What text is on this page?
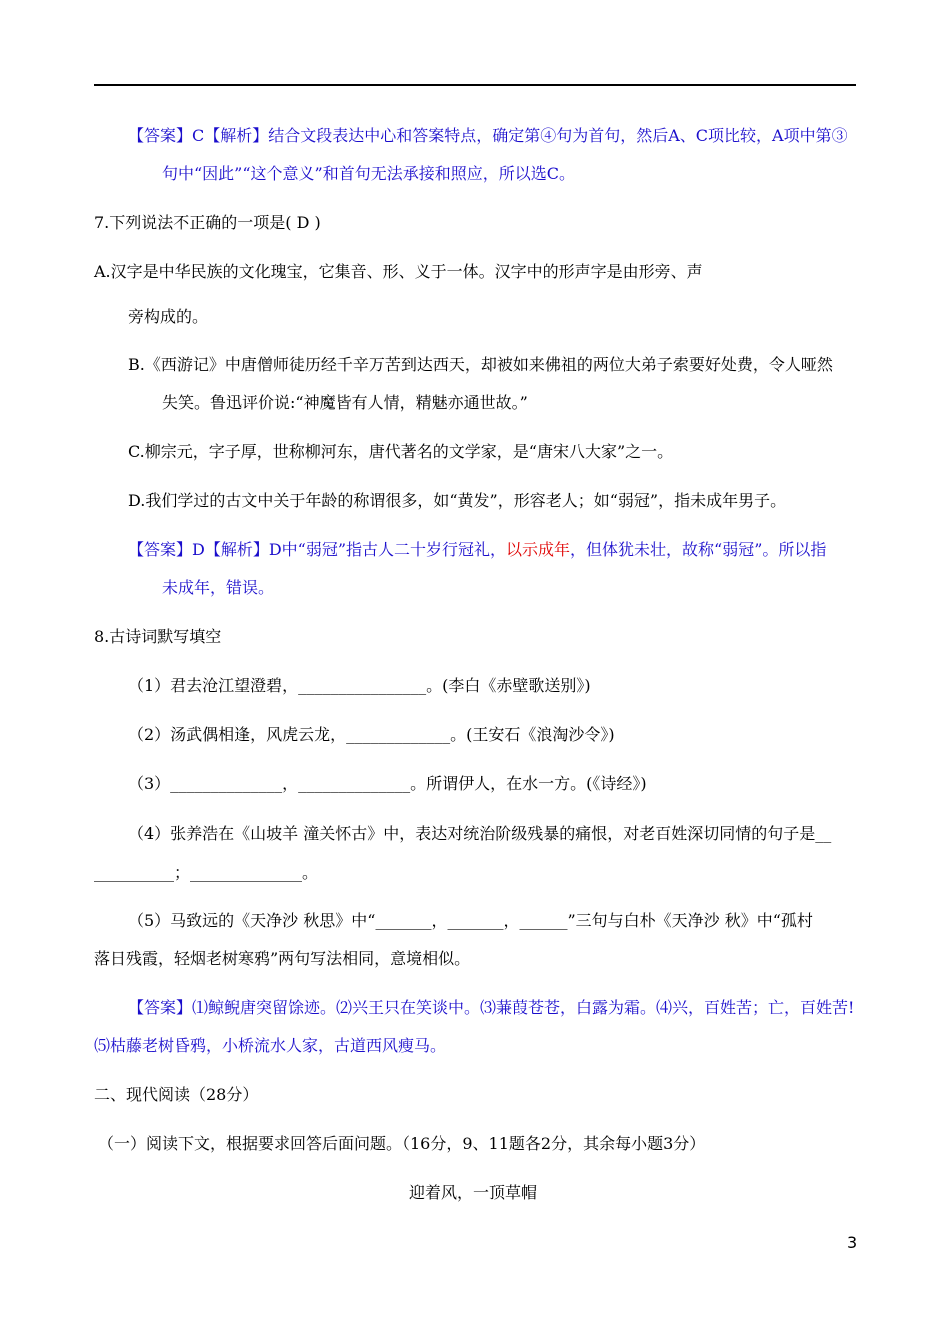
【答案】C【解析】结合文段表达中心和答案特点，确定第④句为首句，然后A、C项比较，A项中第③
句中“因此”“这个意义”和首句无法承接和照应，所以选C。
7.下列说法不正确的一项是( D )
A.汉字是中华民族的文化瑰宝，它集音、形、义于一体。汉字中的形声字是由形旁、声
旁构成的。
B.《西游记》中唐僧师徒历经千辛万苦到达西天，却被如来佛祖的两位大弟子索要好处费，令人哑然
失笑。鲁迅评价说:“神魔皆有人情，精魅亦通世故。”
C.柳宗元，字子厚，世称柳河东，唐代著名的文学家，是“唐宋八大家”之一。
D.我们学过的古文中关于年龄的称谓很多，如“黄发”，形容老人；如“弱冠”，指未成年男子。
【答案】D【解析】D中“弱冠”指古人二十岁行冠礼，以示成年，但体犹未壮，故称“弱冠”。所以指
未成年，错误。
8.古诗词默写填空
（1）君去沧江望澄碧，________________。(李白《赤壁歌送别》)
（2）汤武偶相逢，风虎云龙，_____________。(王安石《浪淘沙令》)
（3）______________，______________。所谓伊人，在水一方。(《诗经》)
（4）张养浩在《山坡羊 潼关怀古》中，表达对统治阶级残暴的痛恨，对老百姓深切同情的句子是__
__________；______________。
（5）马致远的《天净沙 秋思》中“_______，_______，______”三句与白朴《天净沙 秋》中“孤村
落日残霞，轻烟老树寒鸦”两句写法相同，意境相似。
【答案】⑴鲸鲵唐突留馀迹。⑵兴王只在笑谈中。⑶蒹葭苍苍，白露为霜。⑷兴，百姓苦；亡，百姓苦!
⑸枯藤老树昏鸦，小桥流水人家，古道西风瘦马。
二、现代阅读（28分）
（一）阅读下文，根据要求回答后面问题。（16分，9、11题各2分，其余每小题3分）
迎着风，一顶草帽
3
